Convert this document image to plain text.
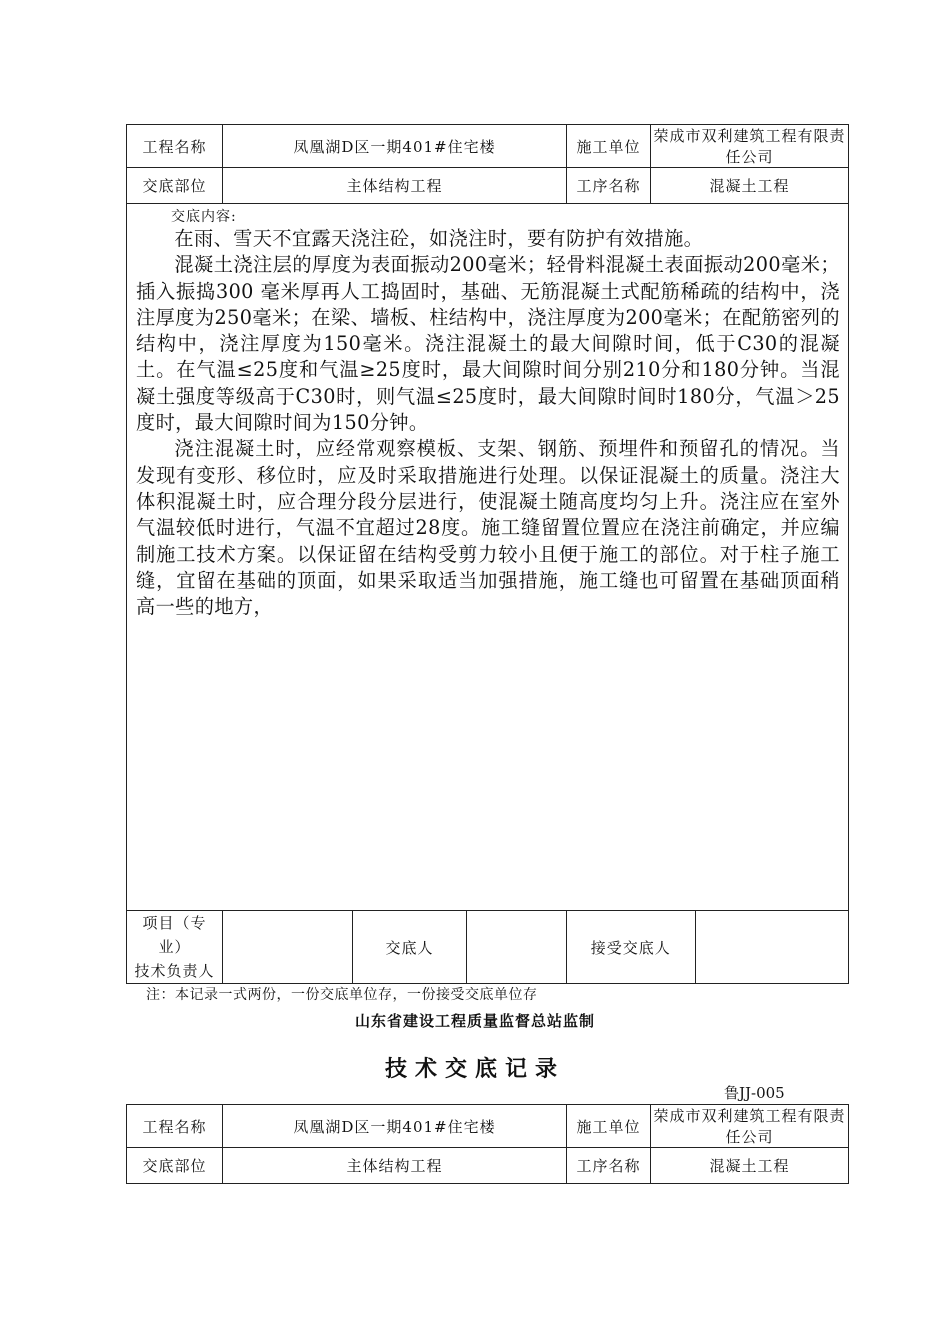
工程名称	凤凰湖D区一期401#住宅楼	施工单位	荣成市双利建筑工程有限责任公司
交底部位	主体结构工程	工序名称	混凝土工程

交底内容:

在雨、雪天不宜露天浇注砼，如浇注时，要有防护有效措施。

混凝土浇注层的厚度为表面振动200毫米；轻骨料混凝土表面振动200毫米；插入振捣300 毫米厚再人工捣固时，基础、无筋混凝土式配筋稀疏的结构中，浇注厚度为250毫米；在梁、墙板、柱结构中，浇注厚度为200毫米；在配筋密列的结构中，浇注厚度为150毫米。浇注混凝土的最大间隙时间，低于C30的混凝土。在气温≤25度和气温≥25度时，最大间隙时间分别210分和180分钟。当混凝土强度等级高于C30时，则气温≤25度时，最大间隙时间时180分，气温＞25度时，最大间隙时间为150分钟。

浇注混凝土时，应经常观察模板、支架、钢筋、预埋件和预留孔的情况。当发现有变形、移位时，应及时采取措施进行处理。以保证混凝土的质量。浇注大体积混凝土时，应合理分段分层进行，使混凝土随高度均匀上升。浇注应在室外气温较低时进行，气温不宜超过28度。施工缝留置位置应在浇注前确定，并应编制施工技术方案。以保证留在结构受剪力较小且便于施工的部位。对于柱子施工缝，宜留在基础的顶面，如果采取适当加强措施，施工缝也可留置在基础顶面稍高一些的地方，

项目（专
业）
技术负责人
		交底人			接受交底人	
注：本记录一式两份，一份交底单位存，一份接受交底单位存
山东省建设工程质量监督总站监制
技术交底记录
鲁JJ-005
工程名称	凤凰湖D区一期401#住宅楼	施工单位	荣成市双利建筑工程有限责任公司
交底部位	主体结构工程	工序名称	混凝土工程
